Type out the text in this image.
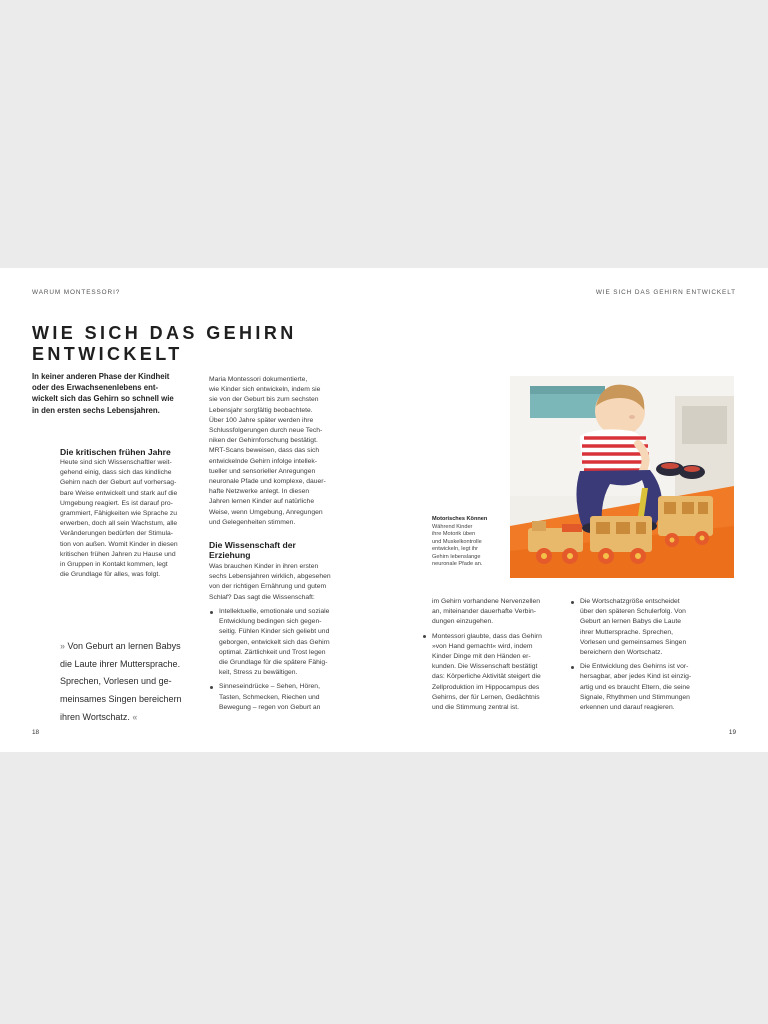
WARUM MONTESSORI?	WIE SICH DAS GEHIRN ENTWICKELT

WIE SICH DAS GEHIRN
ENTWICKELT

In keiner anderen Phase der Kindheit
oder des Erwachsenenlebens ent-
wickelt sich das Gehirn so schnell wie
in den ersten sechs Lebensjahren.

Die kritischen frühen Jahre

Heute sind sich Wissenschaftler weit-
gehend einig, dass sich das kindliche
Gehirn nach der Geburt auf vorhersag-
bare Weise entwickelt und stark auf die
Umgebung reagiert. Es ist darauf pro-
grammiert, Fähigkeiten wie Sprache zu
erwerben, doch all sein Wachstum, alle
Veränderungen bedürfen der Stimula-
tion von außen. Womit Kinder in diesen
kritischen frühen Jahren zu Hause und
in Gruppen in Kontakt kommen, legt
die Grundlage für alles, was folgt.

» Von Geburt an lernen Babys
die Laute ihrer Muttersprache.
Sprechen, Vorlesen und ge-
meinsames Singen bereichern
ihren Wortschatz. «

Maria Montessori dokumentierte,
wie Kinder sich entwickeln, indem sie
sie von der Geburt bis zum sechsten
Lebensjahr sorgfältig beobachtete.
Über 100 Jahre später werden ihre
Schlussfolgerungen durch neue Tech-
niken der Gehirnforschung bestätigt.
MRT-Scans beweisen, dass das sich
entwickelnde Gehirn infolge intellek-
tueller und sensorieller Anregungen
neuronale Pfade und komplexe, dauer-
hafte Netzwerke anlegt. In diesen
Jahren lernen Kinder auf natürliche
Weise, wenn Umgebung, Anregungen
und Gelegenheiten stimmen.

Die Wissenschaft der
Erziehung

Was brauchen Kinder in ihren ersten
sechs Lebensjahren wirklich, abgesehen
von der richtigen Ernährung und gutem
Schlaf? Das sagt die Wissenschaft:

Intellektuelle, emotionale und soziale
Entwicklung bedingen sich gegen-
seitig. Fühlen Kinder sich geliebt und
geborgen, entwickelt sich das Gehirn
optimal. Zärtlichkeit und Trost legen
die Grundlage für die spätere Fähig-
keit, Stress zu bewältigen.
Sinneseindrücke – Sehen, Hören,
Tasten, Schmecken, Riechen und
Bewegung – regen von Geburt an
im Gehirn vorhandene Nervenzellen
an, miteinander dauerhafte Verbin-
dungen einzugehen.
Montessori glaubte, dass das Gehirn
»von Hand gemacht« wird, indem
Kinder Dinge mit den Händen er-
kunden. Die Wissenschaft bestätigt
das: Körperliche Aktivität steigert die
Zellproduktion im Hippocampus des
Gehirns, der für Lernen, Gedächtnis
und die Stimmung zentral ist.
Die Wortschatzgröße entscheidet
über den späteren Schulerfolg. Von
Geburt an lernen Babys die Laute
ihrer Muttersprache. Sprechen,
Vorlesen und gemeinsames Singen
bereichern den Wortschatz.
Die Entwicklung des Gehirns ist vor-
hersagbar, aber jedes Kind ist einzig-
artig und es braucht Eltern, die seine
Signale, Rhythmen und Stimmungen
erkennen und darauf reagieren.

Motorisches Können
Während Kinder
ihre Motorik üben
und Muskelkontrolle
entwickeln, legt ihr
Gehirn lebenslange
neuronale Pfade an.

18	19
